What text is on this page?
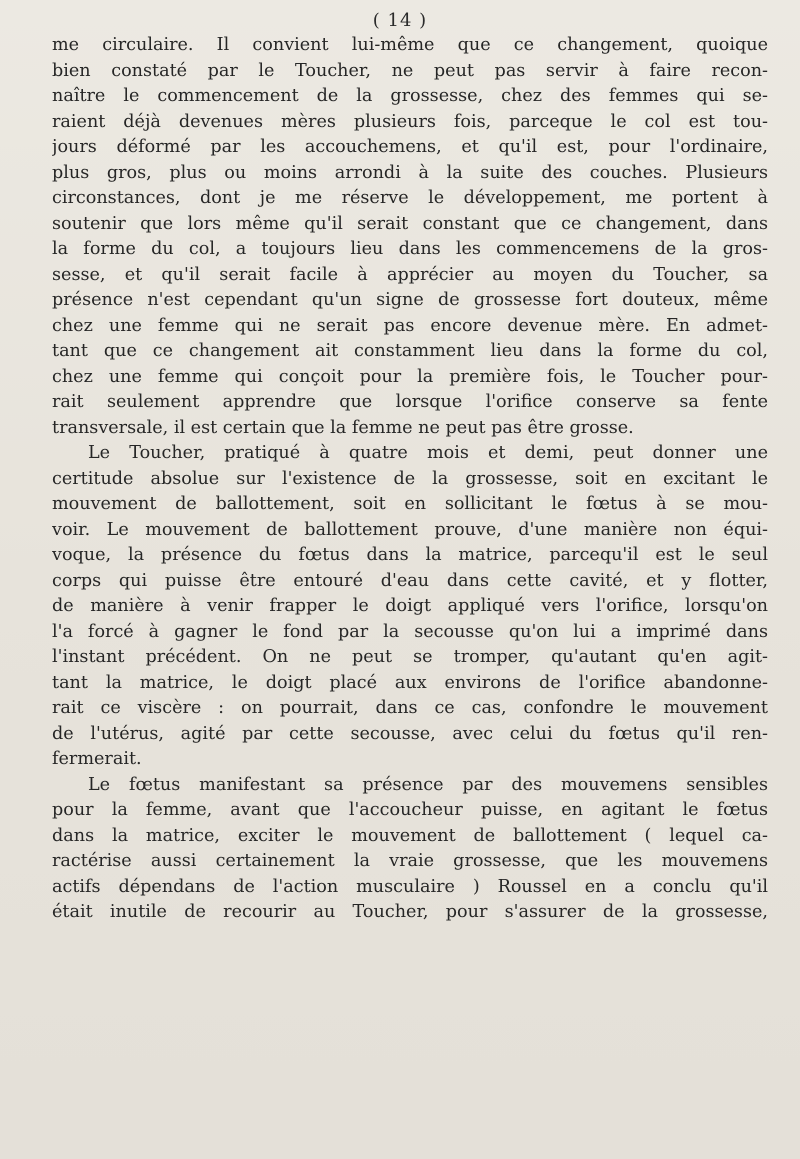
( 14 )
me circulaire. Il convient lui-même que ce changement, quoique
bien constaté par le Toucher, ne peut pas servir à faire recon-
naître le commencement de la grossesse, chez des femmes qui se-
raient déjà devenues mères plusieurs fois, parceque le col est tou-
jours déformé par les accouchemens, et qu'il est, pour l'ordinaire,
plus gros, plus ou moins arrondi à la suite des couches. Plusieurs
circonstances, dont je me réserve le développement, me portent à
soutenir que lors même qu'il serait constant que ce changement, dans
la forme du col, a toujours lieu dans les commencemens de la gros-
sesse, et qu'il serait facile à apprécier au moyen du Toucher, sa
présence n'est cependant qu'un signe de grossesse fort douteux, même
chez une femme qui ne serait pas encore devenue mère. En admet-
tant que ce changement ait constamment lieu dans la forme du col,
chez une femme qui conçoit pour la première fois, le Toucher pour-
rait seulement apprendre que lorsque l'orifice conserve sa fente
transversale, il est certain que la femme ne peut pas être grosse.
Le Toucher, pratiqué à quatre mois et demi, peut donner une
certitude absolue sur l'existence de la grossesse, soit en excitant le
mouvement de ballottement, soit en sollicitant le fœtus à se mou-
voir. Le mouvement de ballottement prouve, d'une manière non équi-
voque, la présence du fœtus dans la matrice, parcequ'il est le seul
corps qui puisse être entouré d'eau dans cette cavité, et y flotter,
de manière à venir frapper le doigt appliqué vers l'orifice, lorsqu'on
l'a forcé à gagner le fond par la secousse qu'on lui a imprimé dans
l'instant précédent. On ne peut se tromper, qu'autant qu'en agit-
tant la matrice, le doigt placé aux environs de l'orifice abandonne-
rait ce viscère : on pourrait, dans ce cas, confondre le mouvement
de l'utérus, agité par cette secousse, avec celui du fœtus qu'il ren-
fermerait.
Le fœtus manifestant sa présence par des mouvemens sensibles
pour la femme, avant que l'accoucheur puisse, en agitant le fœtus
dans la matrice, exciter le mouvement de ballottement ( lequel ca-
ractérise aussi certainement la vraie grossesse, que les mouvemens
actifs dépendans de l'action musculaire ) Roussel en a conclu qu'il
était inutile de recourir au Toucher, pour s'assurer de la grossesse,
